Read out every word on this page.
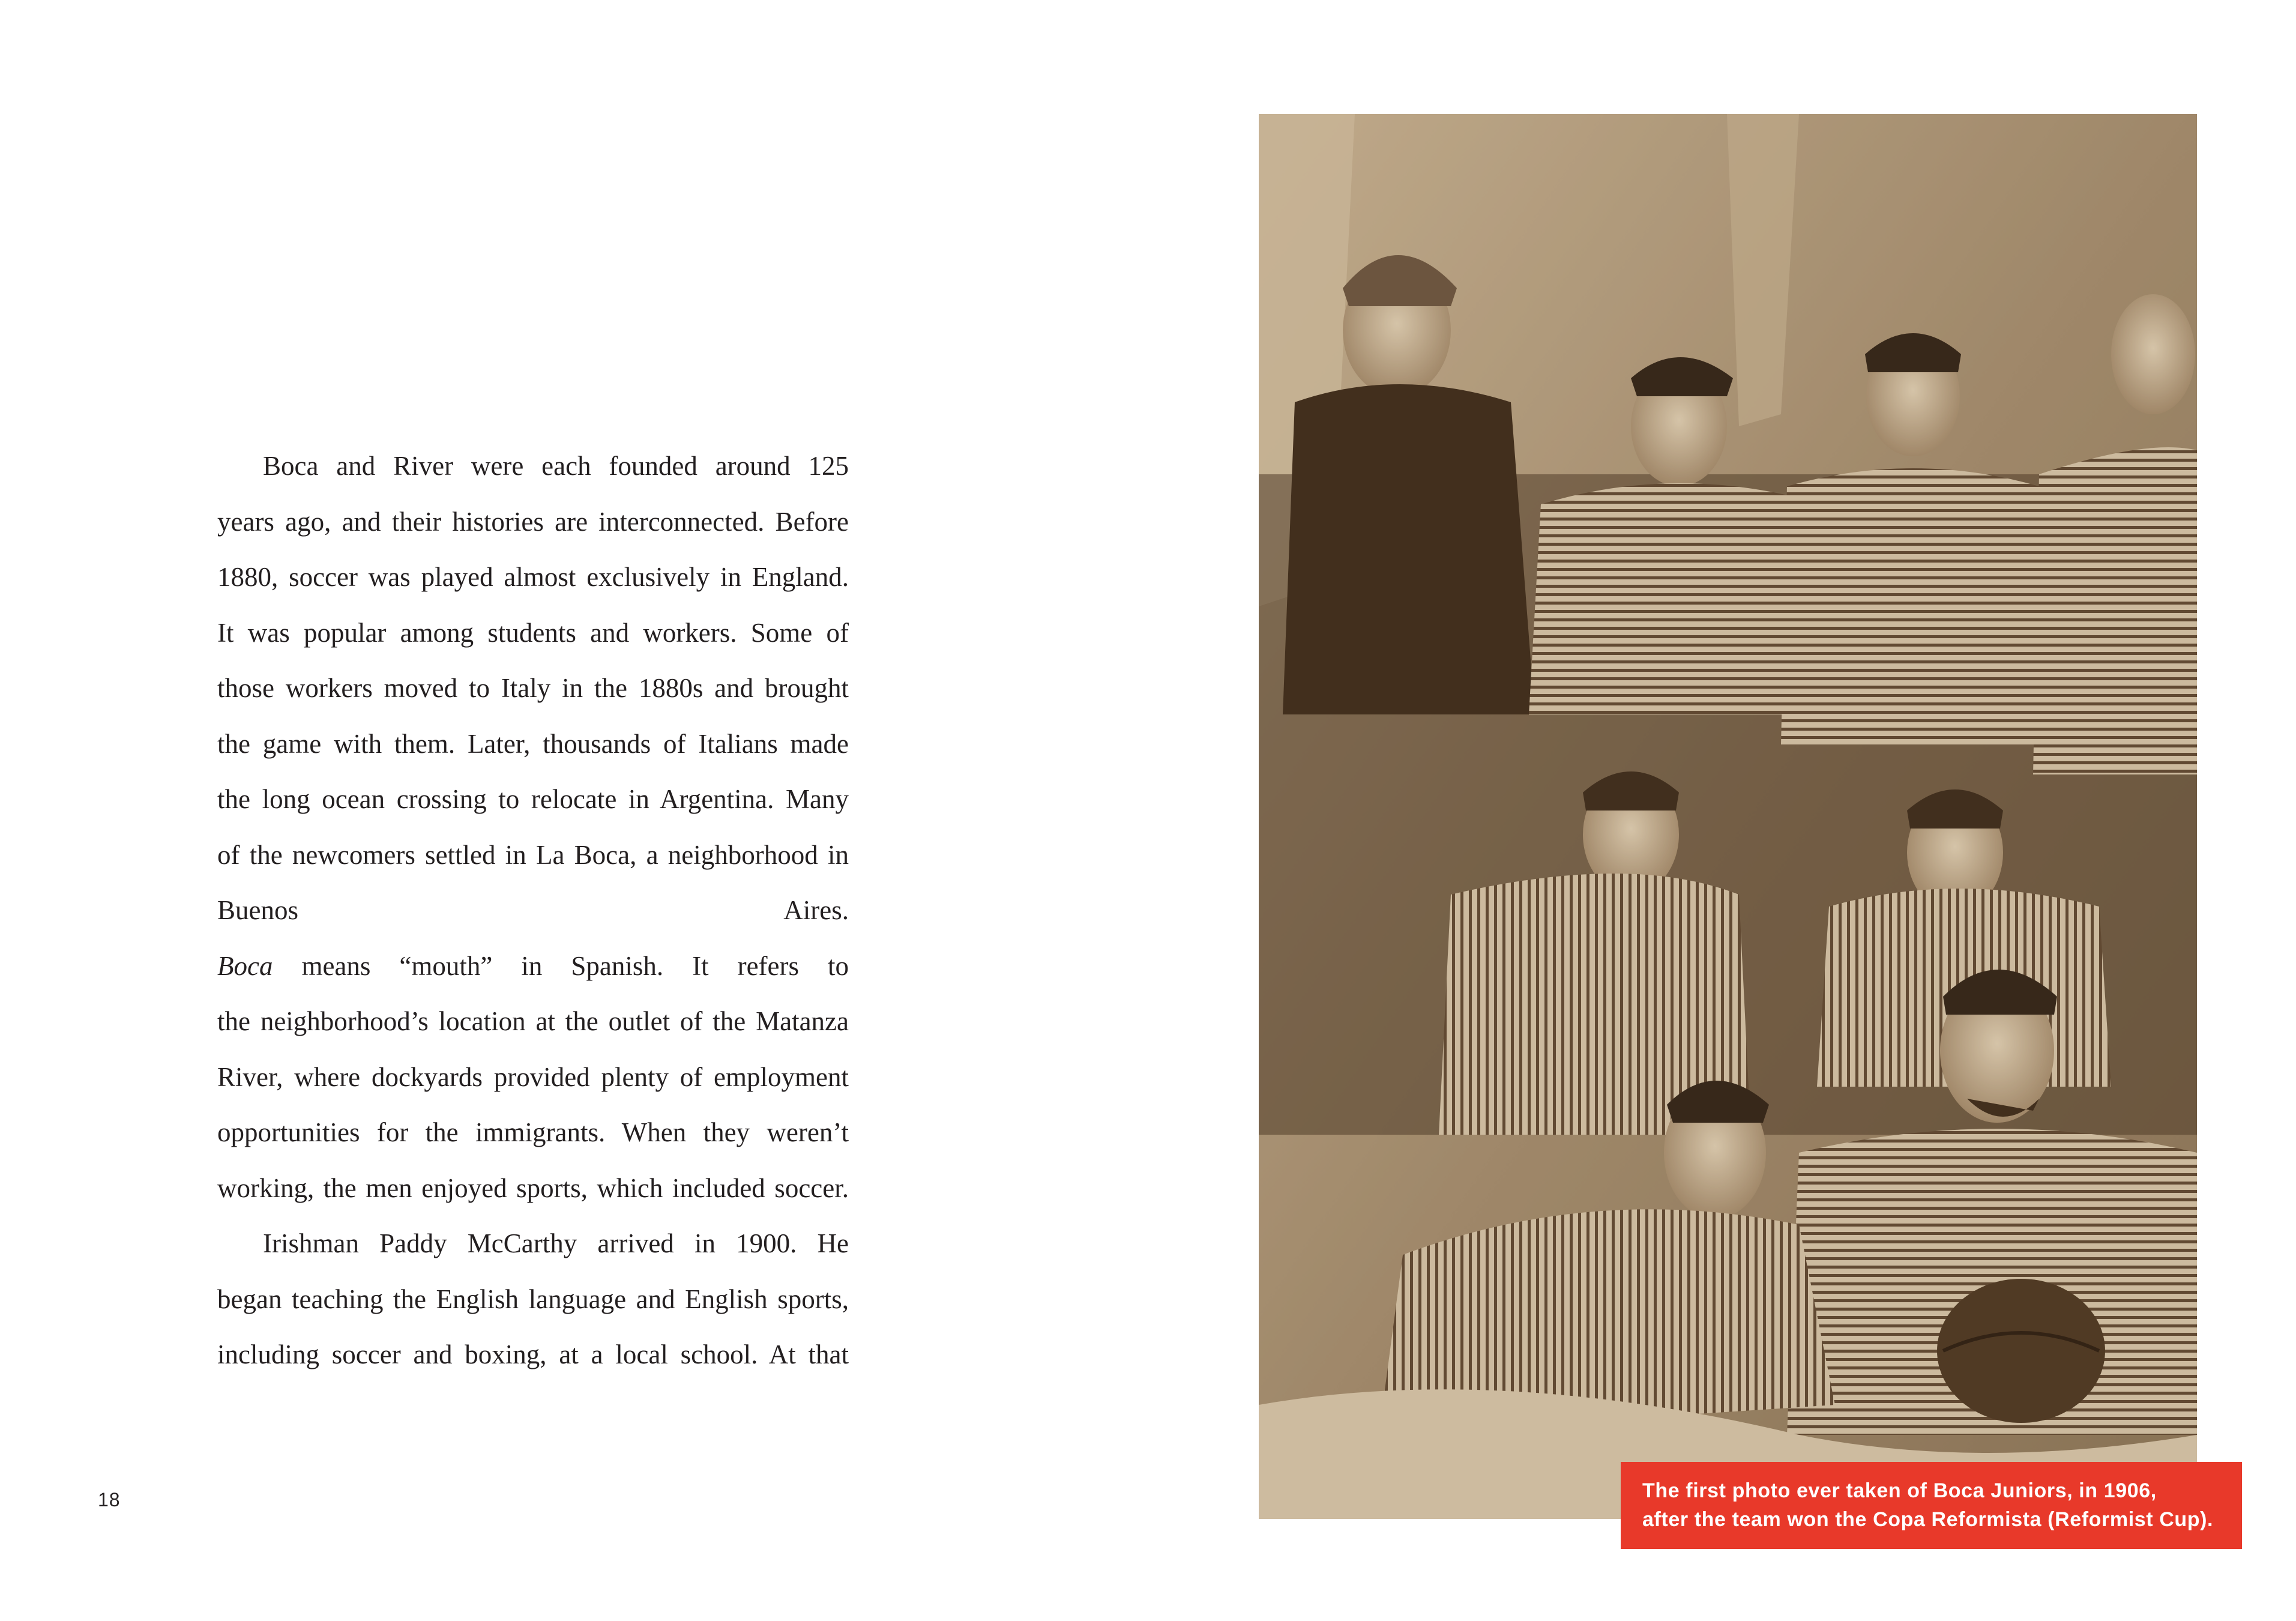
Boca and River were each founded around 125
years ago, and their histories are interconnected. Before
1880, soccer was played almost exclusively in England.
It was popular among students and workers. Some of
those workers moved to Italy in the 1880s and brought
the game with them. Later, thousands of Italians made
the long ocean crossing to relocate in Argentina. Many
of the newcomers settled in La Boca, a neighborhood in
Buenos Aires.
Boca means “mouth” in Spanish. It refers to
the neighborhood’s location at the outlet of the Matanza
River, where dockyards provided plenty of employment
opportunities for the immigrants. When they weren’t
working, the men enjoyed sports, which included soccer.

Irishman Paddy McCarthy arrived in 1900. He
began teaching the English language and English sports,
including soccer and boxing, at a local school. At that

18	The first photo ever taken of Boca Juniors, in 1906,
after the team won the Copa Reformista (Reformist Cup).
